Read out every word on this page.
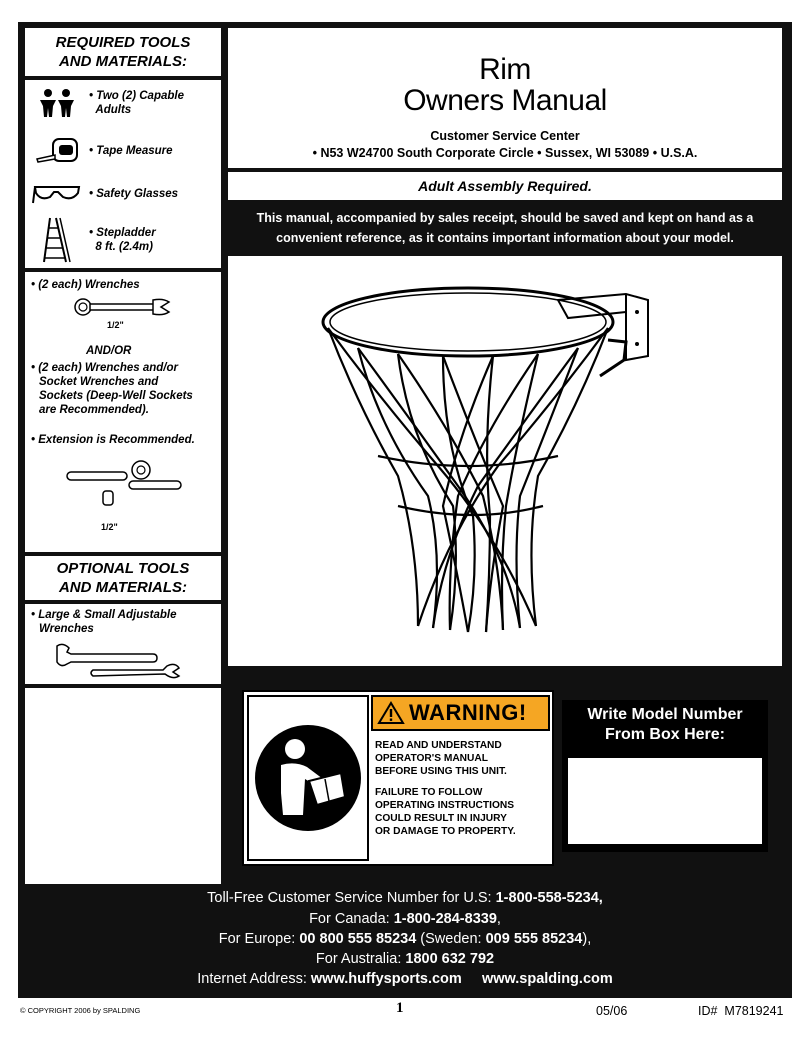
REQUIRED TOOLS
AND MATERIALS:
• Two (2) Capable
Adults
• Tape Measure
• Safety Glasses
• Stepladder
8 ft. (2.4m)
• (2 each) Wrenches
1/2"
AND/OR
• (2 each) Wrenches and/or
Socket Wrenches and
Sockets (Deep-Well Sockets
are Recommended).
• Extension is Recommended.
1/2"
OPTIONAL TOOLS
AND MATERIALS:
• Large & Small Adjustable
Wrenches
Rim
Owners Manual
Customer Service Center
• N53 W24700 South Corporate Circle • Sussex, WI 53089 • U.S.A.
Adult Assembly Required.
This manual, accompanied by sales receipt, should be saved and kept on hand as a
convenient reference, as it contains important information about your model.
WARNING!
READ AND UNDERSTAND
OPERATOR'S MANUAL
BEFORE USING THIS UNIT.
FAILURE TO FOLLOW
OPERATING INSTRUCTIONS
COULD RESULT IN INJURY
OR DAMAGE TO PROPERTY.
Write Model Number
From Box Here:
Toll-Free Customer Service Number for U.S: 1-800-558-5234,
For Canada: 1-800-284-8339,
For Europe: 00 800 555 85234 (Sweden: 009 555 85234),
For Australia: 1800 632 792
Internet Address: www.huffysports.com www.spalding.com
© COPYRIGHT 2006 by SPALDING	1	05/06	ID# M7819241
